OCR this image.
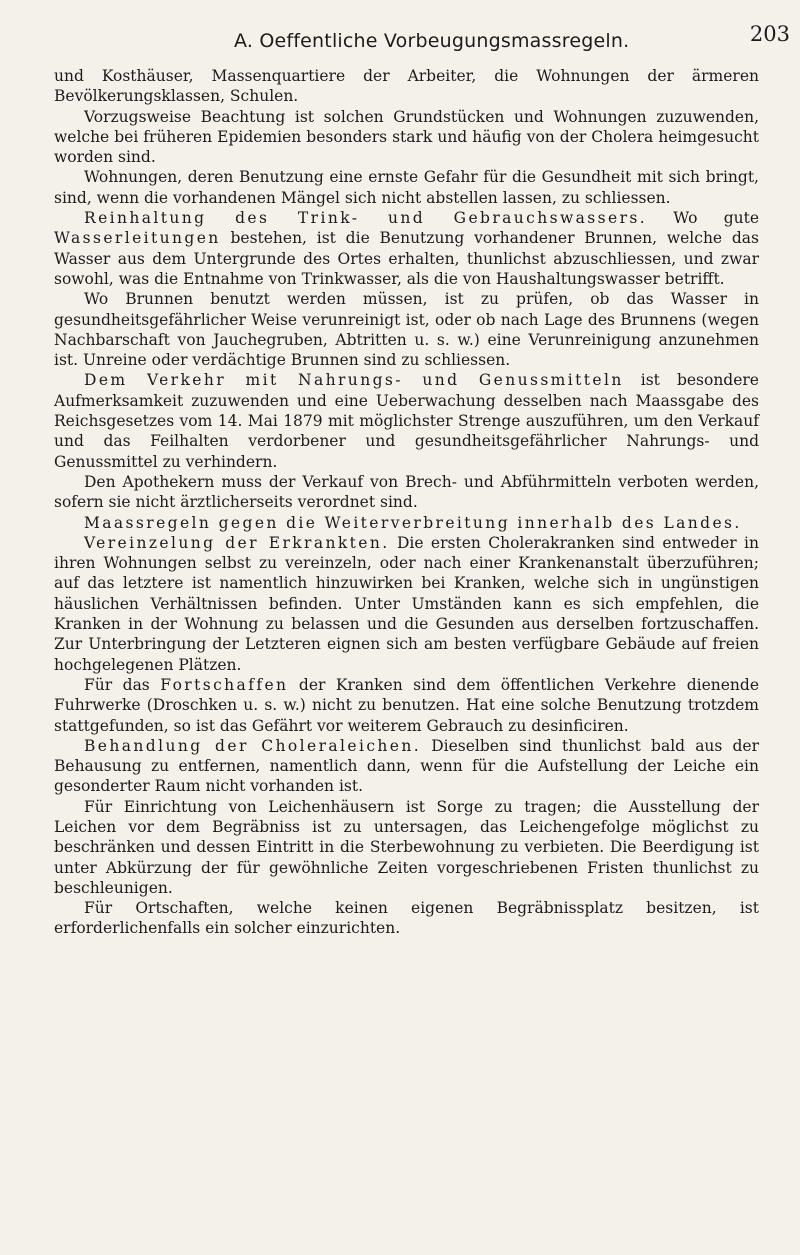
A. Oeffentliche Vorbeugungsmassregeln.	203

und Kosthäuser, Massenquartiere der Arbeiter, die Wohnungen der ärmeren Bevölkerungsklassen, Schulen.

Vorzugsweise Beachtung ist solchen Grundstücken und Wohnungen zuzuwenden, welche bei früheren Epidemien besonders stark und häufig von der Cholera heimgesucht worden sind.

Wohnungen, deren Benutzung eine ernste Gefahr für die Gesundheit mit sich bringt, sind, wenn die vorhandenen Mängel sich nicht abstellen lassen, zu schliessen.

Reinhaltung des Trink- und Gebrauchswassers. Wo gute Wasserleitungen bestehen, ist die Benutzung vorhandener Brunnen, welche das Wasser aus dem Untergrunde des Ortes erhalten, thunlichst abzuschliessen, und zwar sowohl, was die Entnahme von Trinkwasser, als die von Haushaltungswasser betrifft.

Wo Brunnen benutzt werden müssen, ist zu prüfen, ob das Wasser in gesundheitsgefährlicher Weise verunreinigt ist, oder ob nach Lage des Brunnens (wegen Nachbarschaft von Jauchegruben, Abtritten u. s. w.) eine Verunreinigung anzunehmen ist. Unreine oder verdächtige Brunnen sind zu schliessen.

Dem Verkehr mit Nahrungs- und Genussmitteln ist besondere Aufmerksamkeit zuzuwenden und eine Ueberwachung desselben nach Maassgabe des Reichsgesetzes vom 14. Mai 1879 mit möglichster Strenge auszuführen, um den Verkauf und das Feilhalten verdorbener und gesundheitsgefährlicher Nahrungs- und Genussmittel zu verhindern.

Den Apothekern muss der Verkauf von Brech- und Abführmitteln verboten werden, sofern sie nicht ärztlicherseits verordnet sind.

Maassregeln gegen die Weiterverbreitung innerhalb des Landes.

Vereinzelung der Erkrankten. Die ersten Cholerakranken sind entweder in ihren Wohnungen selbst zu vereinzeln, oder nach einer Krankenanstalt überzuführen; auf das letztere ist namentlich hinzuwirken bei Kranken, welche sich in ungünstigen häuslichen Verhältnissen befinden. Unter Umständen kann es sich empfehlen, die Kranken in der Wohnung zu belassen und die Gesunden aus derselben fortzuschaffen. Zur Unterbringung der Letzteren eignen sich am besten verfügbare Gebäude auf freien hochgelegenen Plätzen.

Für das Fortschaffen der Kranken sind dem öffentlichen Verkehre dienende Fuhrwerke (Droschken u. s. w.) nicht zu benutzen. Hat eine solche Benutzung trotzdem stattgefunden, so ist das Gefährt vor weiterem Gebrauch zu desinficiren.

Behandlung der Choleraleichen. Dieselben sind thunlichst bald aus der Behausung zu entfernen, namentlich dann, wenn für die Aufstellung der Leiche ein gesonderter Raum nicht vorhanden ist.

Für Einrichtung von Leichenhäusern ist Sorge zu tragen; die Ausstellung der Leichen vor dem Begräbniss ist zu untersagen, das Leichengefolge möglichst zu beschränken und dessen Eintritt in die Sterbewohnung zu verbieten. Die Beerdigung ist unter Abkürzung der für gewöhnliche Zeiten vorgeschriebenen Fristen thunlichst zu beschleunigen.

Für Ortschaften, welche keinen eigenen Begräbnissplatz besitzen, ist erforderlichenfalls ein solcher einzurichten.
